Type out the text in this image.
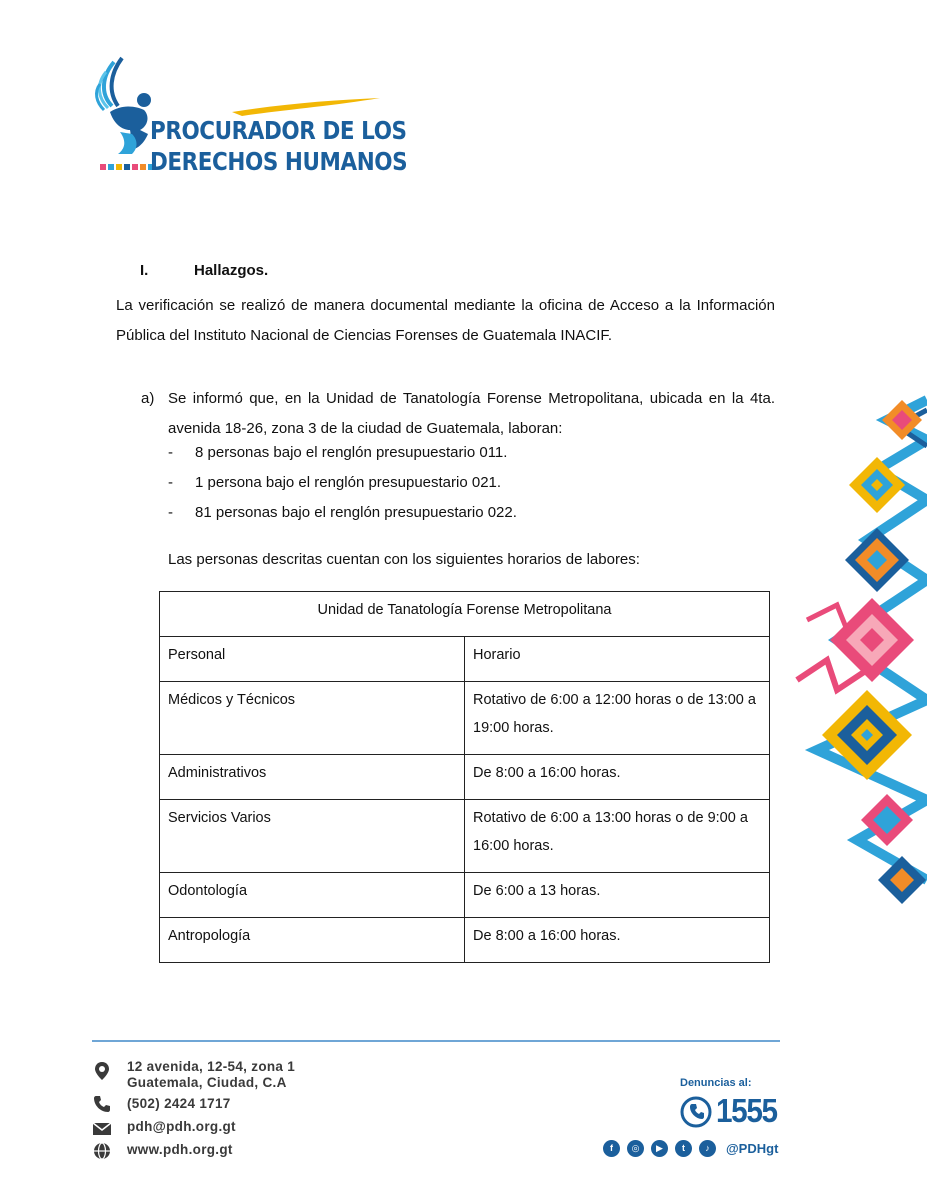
PROCURADOR DE LOS
DERECHOS HUMANOS
I.	Hallazgos.
La verificación se realizó de manera documental mediante la oficina de Acceso a la Información Pública del Instituto Nacional de Ciencias Forenses de Guatemala INACIF.
a) Se informó que, en la Unidad de Tanatología Forense Metropolitana, ubicada en la 4ta. avenida 18-26, zona 3 de la ciudad de Guatemala, laboran:
- 8 personas bajo el renglón presupuestario 011.
- 1 persona bajo el renglón presupuestario 021.
- 81 personas bajo el renglón presupuestario 022.
Las personas descritas cuentan con los siguientes horarios de labores:
Unidad de Tanatología Forense Metropolitana	
Personal	Horario
Médicos y Técnicos	Rotativo de 6:00 a 12:00 horas o de 13:00 a 19:00 horas.
Administrativos	De 8:00 a 16:00 horas.
Servicios Varios	Rotativo de 6:00 a 13:00 horas o de 9:00 a 16:00 horas.
Odontología	De 6:00 a 13 horas.
Antropología	De 8:00 a 16:00 horas.
12 avenida, 12-54, zona 1
Guatemala, Ciudad, C.A
(502) 2424 1717
pdh@pdh.org.gt
www.pdh.org.gt
Denuncias al:
1555
f	◎	▶	t	♪	@PDHgt
